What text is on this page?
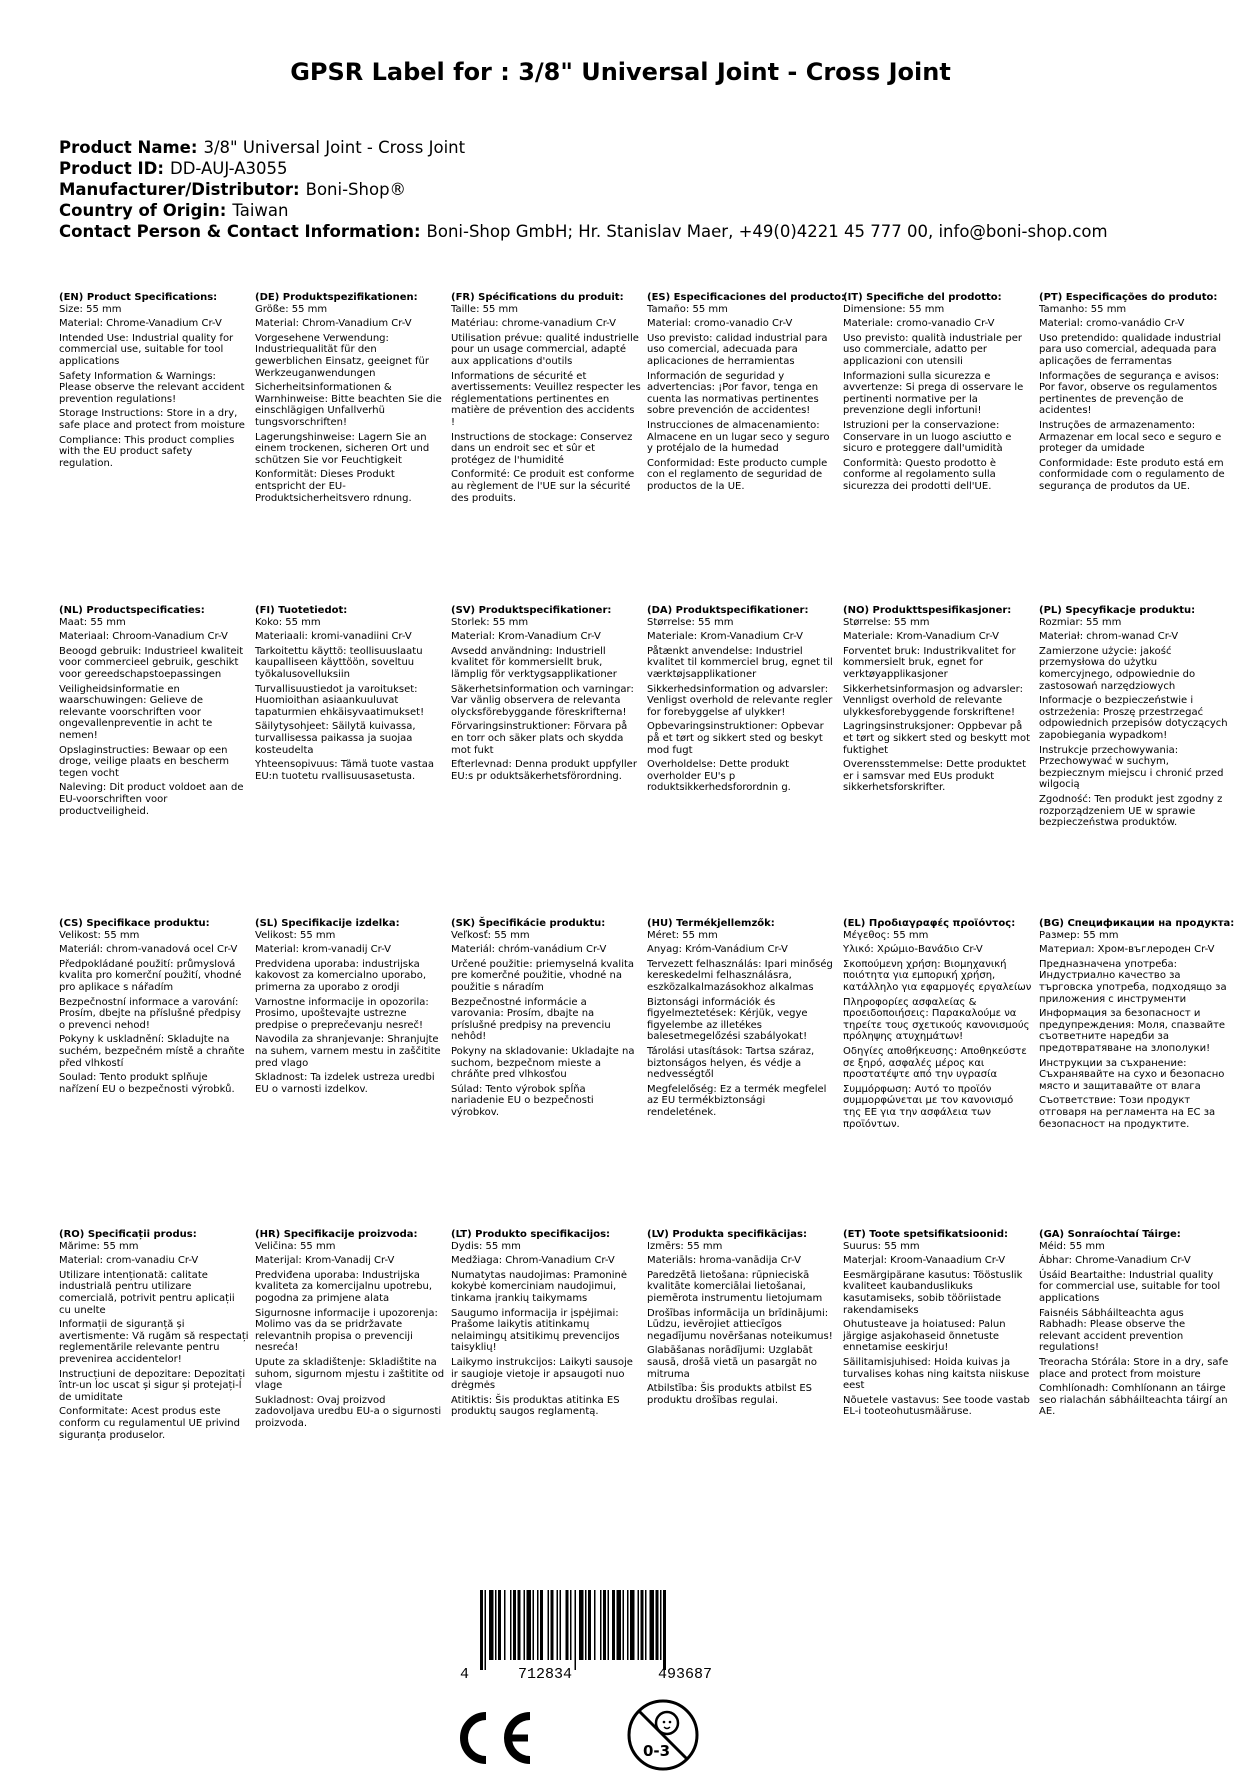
GPSR Label for : 3/8" Universal Joint - Cross Joint
Product Name: 3/8" Universal Joint - Cross Joint
Product ID: DD-AUJ-A3055
Manufacturer/Distributor: Boni-Shop®
Country of Origin: Taiwan
Contact Person & Contact Information: Boni-Shop GmbH; Hr. Stanislav Maer, +49(0)4221 45 777 00, info@boni-shop.com
(EN) Product Specifications:

Size: 55 mm

Material: Chrome-Vanadium Cr-V

Intended Use: Industrial quality for commercial use, suitable for tool applications

Safety Information & Warnings: Please observe the relevant accident prevention regulations!

Storage Instructions: Store in a dry, safe place and protect from moisture

Compliance: This product complies with the EU product safety regulation.

(DE) Produktspezifikationen:

Größe: 55 mm

Material: Chrom-Vanadium Cr-V

Vorgesehene Verwendung: Industriequalität für den gewerblichen Einsatz, geeignet für Werkzeuganwendungen

Sicherheitsinformationen & Warnhinweise: Bitte beachten Sie die einschlägigen Unfallverhü tungsvorschriften!

Lagerungshinweise: Lagern Sie an einem trockenen, sicheren Ort und schützen Sie vor Feuchtigkeit

Konformität: Dieses Produkt entspricht der EU-Produktsicherheitsvero rdnung.

(FR) Spécifications du produit:

Taille: 55 mm

Matériau: chrome-vanadium Cr-V

Utilisation prévue: qualité industrielle pour un usage commercial, adapté aux applications d'outils

Informations de sécurité et avertissements: Veuillez respecter les réglementations pertinentes en matière de prévention des accidents !

Instructions de stockage: Conservez dans un endroit sec et sûr et protégez de l'humidité

Conformité: Ce produit est conforme au règlement de l'UE sur la sécurité des produits.

(ES) Especificaciones del producto:

Tamaño: 55 mm

Material: cromo-vanadio Cr-V

Uso previsto: calidad industrial para uso comercial, adecuada para aplicaciones de herramientas

Información de seguridad y advertencias: ¡Por favor, tenga en cuenta las normativas pertinentes sobre prevención de accidentes!

Instrucciones de almacenamiento: Almacene en un lugar seco y seguro y protéjalo de la humedad

Conformidad: Este producto cumple con el reglamento de seguridad de productos de la UE.

(IT) Specifiche del prodotto:

Dimensione: 55 mm

Materiale: cromo-vanadio Cr-V

Uso previsto: qualità industriale per uso commerciale, adatto per applicazioni con utensili

Informazioni sulla sicurezza e avvertenze: Si prega di osservare le pertinenti normative per la prevenzione degli infortuni!

Istruzioni per la conservazione: Conservare in un luogo asciutto e sicuro e proteggere dall'umidità

Conformità: Questo prodotto è conforme al regolamento sulla sicurezza dei prodotti dell'UE.

(PT) Especificações do produto:

Tamanho: 55 mm

Material: cromo-vanádio Cr-V

Uso pretendido: qualidade industrial para uso comercial, adequada para aplicações de ferramentas

Informações de segurança e avisos: Por favor, observe os regulamentos pertinentes de prevenção de acidentes!

Instruções de armazenamento: Armazenar em local seco e seguro e proteger da umidade

Conformidade: Este produto está em conformidade com o regulamento de segurança de produtos da UE.

(NL) Productspecificaties:

Maat: 55 mm

Materiaal: Chroom-Vanadium Cr-V

Beoogd gebruik: Industrieel kwaliteit voor commercieel gebruik, geschikt voor gereedschapstoepassingen

Veiligheidsinformatie en waarschuwingen: Gelieve de relevante voorschriften voor ongevallenpreventie in acht te nemen!

Opslaginstructies: Bewaar op een droge, veilige plaats en bescherm tegen vocht

Naleving: Dit product voldoet aan de EU-voorschriften voor productveiligheid.

(FI) Tuotetiedot:

Koko: 55 mm

Materiaali: kromi-vanadiini Cr-V

Tarkoitettu käyttö: teollisuuslaatu kaupalliseen käyttöön, soveltuu työkalusovelluksiin

Turvallisuustiedot ja varoitukset: Huomioithan asiaankuuluvat tapaturmien ehkäisyvaatimukset!

Säilytysohjeet: Säilytä kuivassa, turvallisessa paikassa ja suojaa kosteudelta

Yhteensopivuus: Tämä tuote vastaa EU:n tuotetu rvallisuusasetusta.

(SV) Produktspecifikationer:

Storlek: 55 mm

Material: Krom-Vanadium Cr-V

Avsedd användning: Industriell kvalitet för kommersiellt bruk, lämplig för verktygsapplikationer

Säkerhetsinformation och varningar: Var vänlig observera de relevanta olycksförebyggande föreskrifterna!

Förvaringsinstruktioner: Förvara på en torr och säker plats och skydda mot fukt

Efterlevnad: Denna produkt uppfyller EU:s pr oduktsäkerhetsförordning.

(DA) Produktspecifikationer:

Størrelse: 55 mm

Materiale: Krom-Vanadium Cr-V

Påtænkt anvendelse: Industriel kvalitet til kommerciel brug, egnet til værktøjsapplikationer

Sikkerhedsinformation og advarsler: Venligst overhold de relevante regler for forebyggelse af ulykker!

Opbevaringsinstruktioner: Opbevar på et tørt og sikkert sted og beskyt mod fugt

Overholdelse: Dette produkt overholder EU's p roduktsikkerhedsforordnin g.

(NO) Produkttspesifikasjoner:

Størrelse: 55 mm

Materiale: Krom-Vanadium Cr-V

Forventet bruk: Industrikvalitet for kommersielt bruk, egnet for verktøyapplikasjoner

Sikkerhetsinformasjon og advarsler: Vennligst overhold de relevante ulykkesforebyggende forskriftene!

Lagringsinstruksjoner: Oppbevar på et tørt og sikkert sted og beskytt mot fuktighet

Overensstemmelse: Dette produktet er i samsvar med EUs produkt sikkerhetsforskrifter.

(PL) Specyfikacje produktu:

Rozmiar: 55 mm

Materiał: chrom-wanad Cr-V

Zamierzone użycie: jakość przemysłowa do użytku komercyjnego, odpowiednie do zastosowań narzędziowych

Informacje o bezpieczeństwie i ostrzeżenia: Proszę przestrzegać odpowiednich przepisów dotyczących zapobiegania wypadkom!

Instrukcje przechowywania: Przechowywać w suchym, bezpiecznym miejscu i chronić przed wilgocią

Zgodność: Ten produkt jest zgodny z rozporządzeniem UE w sprawie bezpieczeństwa produktów.

(CS) Specifikace produktu:

Velikost: 55 mm

Materiál: chrom-vanadová ocel Cr-V

Předpokládané použití: průmyslová kvalita pro komerční použití, vhodné pro aplikace s nářadím

Bezpečnostní informace a varování: Prosím, dbejte na příslušné předpisy o prevenci nehod!

Pokyny k uskladnění: Skladujte na suchém, bezpečném místě a chraňte před vlhkostí

Soulad: Tento produkt splňuje nařízení EU o bezpečnosti výrobků.

(SL) Specifikacije izdelka:

Velikost: 55 mm

Material: krom-vanadij Cr-V

Predvidena uporaba: industrijska kakovost za komercialno uporabo, primerna za uporabo z orodji

Varnostne informacije in opozorila: Prosimo, upoštevajte ustrezne predpise o preprečevanju nesreč!

Navodila za shranjevanje: Shranjujte na suhem, varnem mestu in zaščitite pred vlago

Skladnost: Ta izdelek ustreza uredbi EU o varnosti izdelkov.

(SK) Špecifikácie produktu:

Veľkosť: 55 mm

Materiál: chróm-vanádium Cr-V

Určené použitie: priemyselná kvalita pre komerčné použitie, vhodné na použitie s náradím

Bezpečnostné informácie a varovania: Prosím, dbajte na príslušné predpisy na prevenciu nehôd!

Pokyny na skladovanie: Ukladajte na suchom, bezpečnom mieste a chráňte pred vlhkosťou

Súlad: Tento výrobok spĺňa nariadenie EU o bezpečnosti výrobkov.

(HU) Termékjellemzők:

Méret: 55 mm

Anyag: Króm-Vanádium Cr-V

Tervezett felhasználás: Ipari minőség kereskedelmi felhasználásra, eszközalkalmazásokhoz alkalmas

Biztonsági információk és figyelmeztetések: Kérjük, vegye figyelembe az illetékes balesetmegelőzési szabályokat!

Tárolási utasítások: Tartsa száraz, biztonságos helyen, és védje a nedvességtől

Megfelelőség: Ez a termék megfelel az EU termékbiztonsági rendeletének.

(EL) Προδιαγραφές προϊόντος:

Μέγεθος: 55 mm

Υλικό: Χρώμιο-Βανάδιο Cr-V

Σκοπούμενη χρήση: Βιομηχανική ποιότητα για εμπορική χρήση, κατάλληλο για εφαρμογές εργαλείων

Πληροφορίες ασφαλείας & προειδοποιήσεις: Παρακαλούμε να τηρείτε τους σχετικούς κανονισμούς πρόληψης ατυχημάτων!

Οδηγίες αποθήκευσης: Αποθηκεύστε σε ξηρό, ασφαλές μέρος και προστατέψτε από την υγρασία

Συμμόρφωση: Αυτό το προϊόν συμμορφώνεται με τον κανονισμό της ΕΕ για την ασφάλεια των προϊόντων.

(BG) Спецификации на продукта:

Размер: 55 mm

Материал: Хром-въглероден Cr-V

Предназначена употреба: Индустриално качество за търговска употреба, подходящо за приложения с инструменти

Информация за безопасност и предупреждения: Моля, спазвайте съответните наредби за предотвратяване на злополуки!

Инструкции за съхранение: Съхранявайте на сухо и безопасно място и защитавайте от влага

Съответствие: Този продукт отговаря на регламента на ЕС за безопасност на продуктите.

(RO) Specificații produs:

Mărime: 55 mm

Material: crom-vanadiu Cr-V

Utilizare intenționată: calitate industrială pentru utilizare comercială, potrivit pentru aplicații cu unelte

Informații de siguranță și avertismente: Vă rugăm să respectați reglementările relevante pentru prevenirea accidentelor!

Instrucțiuni de depozitare: Depozitați într-un loc uscat și sigur și protejați-l de umiditate

Conformitate: Acest produs este conform cu regulamentul UE privind siguranța produselor.

(HR) Specifikacije proizvoda:

Veličina: 55 mm

Materijal: Krom-Vanadij Cr-V

Predviđena uporaba: Industrijska kvaliteta za komercijalnu upotrebu, pogodna za primjene alata

Sigurnosne informacije i upozorenja: Molimo vas da se pridržavate relevantnih propisa o prevenciji nesreća!

Upute za skladištenje: Skladištite na suhom, sigurnom mjestu i zaštitite od vlage

Sukladnost: Ovaj proizvod zadovoljava uredbu EU-a o sigurnosti proizvoda.

(LT) Produkto specifikacijos:

Dydis: 55 mm

Medžiaga: Chrom-Vanadium Cr-V

Numatytas naudojimas: Pramoninė kokybė komerciniam naudojimui, tinkama įrankių taikymams

Saugumo informacija ir įspėjimai: Prašome laikytis atitinkamų nelaimingų atsitikimų prevencijos taisyklių!

Laikymo instrukcijos: Laikyti sausoje ir saugioje vietoje ir apsaugoti nuo drėgmės

Atitiktis: Šis produktas atitinka ES produktų saugos reglamentą.

(LV) Produkta specifikācijas:

Izmērs: 55 mm

Materiāls: hroma-vanādija Cr-V

Paredzētā lietošana: rūpnieciskā kvalitāte komerciālai lietošanai, piemērota instrumentu lietojumam

Drošības informācija un brīdinājumi: Lūdzu, ievērojiet attiecīgos negadījumu novēršanas noteikumus!

Glabāšanas norādījumi: Uzglabāt sausā, drošā vietā un pasargāt no mitruma

Atbilstība: Šis produkts atbilst ES produktu drošības regulai.

(ET) Toote spetsifikatsioonid:

Suurus: 55 mm

Materjal: Kroom-Vanaadium Cr-V

Eesmärgipärane kasutus: Tööstuslik kvaliteet kaubanduslikuks kasutamiseks, sobib tööriistade rakendamiseks

Ohutusteave ja hoiatused: Palun järgige asjakohaseid õnnetuste ennetamise eeskirju!

Säilitamisjuhised: Hoida kuivas ja turvalises kohas ning kaitsta niiskuse eest

Nõuetele vastavus: See toode vastab EL-i tooteohutusmääruse.

(GA) Sonraíochtaí Táirge:

Méid: 55 mm

Ábhar: Chrome-Vanadium Cr-V

Úsáid Beartaithe: Industrial quality for commercial use, suitable for tool applications

Faisnéis Sábháilteachta agus Rabhadh: Please observe the relevant accident prevention regulations!

Treoracha Stórála: Store in a dry, safe place and protect from moisture

Comhlíonadh: Comhlíonann an táirge seo rialachán sábháilteachta táirgí an AE.

4	712834	493687
0-3
